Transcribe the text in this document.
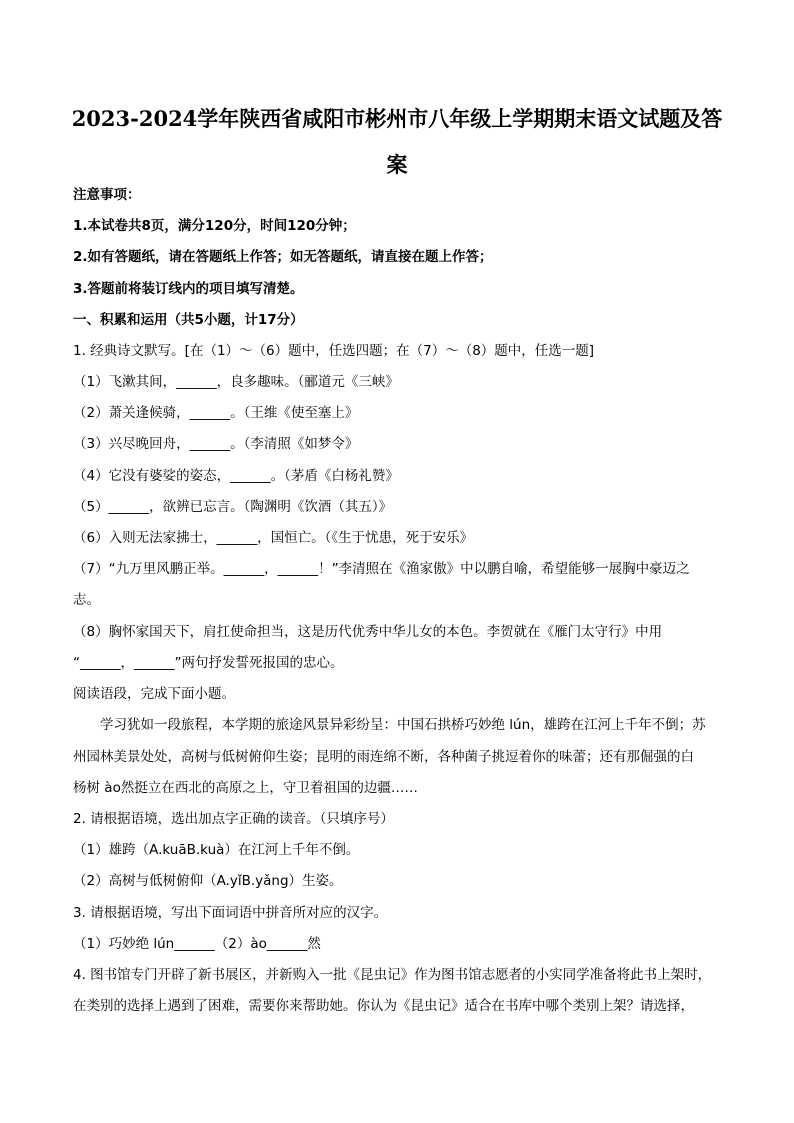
2023-2024学年陕西省咸阳市彬州市八年级上学期期末语文试题及答
案
注意事项：
1.本试卷共8页，满分120分，时间120分钟；
2.如有答题纸，请在答题纸上作答；如无答题纸，请直接在题上作答；
3.答题前将装订线内的项目填写清楚。
一、积累和运用（共5小题，计17分）
1. 经典诗文默写。[在（1）～（6）题中，任选四题；在（7）～（8）题中，任选一题]
（1）飞漱其间，______，良多趣味。（郦道元《三峡》
（2）萧关逢候骑，______。（王维《使至塞上》
（3）兴尽晚回舟，______。（李清照《如梦令》
（4）它没有婆娑的姿态，______。（茅盾《白杨礼赞》
（5）______，欲辨已忘言。（陶渊明《饮酒（其五）》
（6）入则无法家拂士，______，国恒亡。（《生于忧患，死于安乐》
（7）“九万里风鹏正举。______，______！”李清照在《渔家傲》中以鹏自喻，希望能够一展胸中豪迈之
志。
（8）胸怀家国天下，肩扛使命担当，这是历代优秀中华儿女的本色。李贺就在《雁门太守行》中用
“______，______”两句抒发誓死报国的忠心。
阅读语段，完成下面小题。
学习犹如一段旅程，本学期的旅途风景异彩纷呈：中国石拱桥巧妙绝 lún，雄跨在江河上千年不倒；苏
州园林美景处处，高树与低树俯仰生姿；昆明的雨连绵不断，各种菌子挑逗着你的味蕾；还有那倔强的白
杨树 ào然挺立在西北的高原之上，守卫着祖国的边疆……
2. 请根据语境，选出加点字正确的读音。（只填序号）
（1）雄跨（A.kuāB.kuà）在江河上千年不倒。
（2）高树与低树俯仰（A.yǐB.yǎng）生姿。
3. 请根据语境，写出下面词语中拼音所对应的汉字。
（1）巧妙绝 lún______（2）ào______然
4. 图书馆专门开辟了新书展区，并新购入一批《昆虫记》作为图书馆志愿者的小实同学准备将此书上架时，
在类别的选择上遇到了困难，需要你来帮助她。你认为《昆虫记》适合在书库中哪个类别上架？请选择，
